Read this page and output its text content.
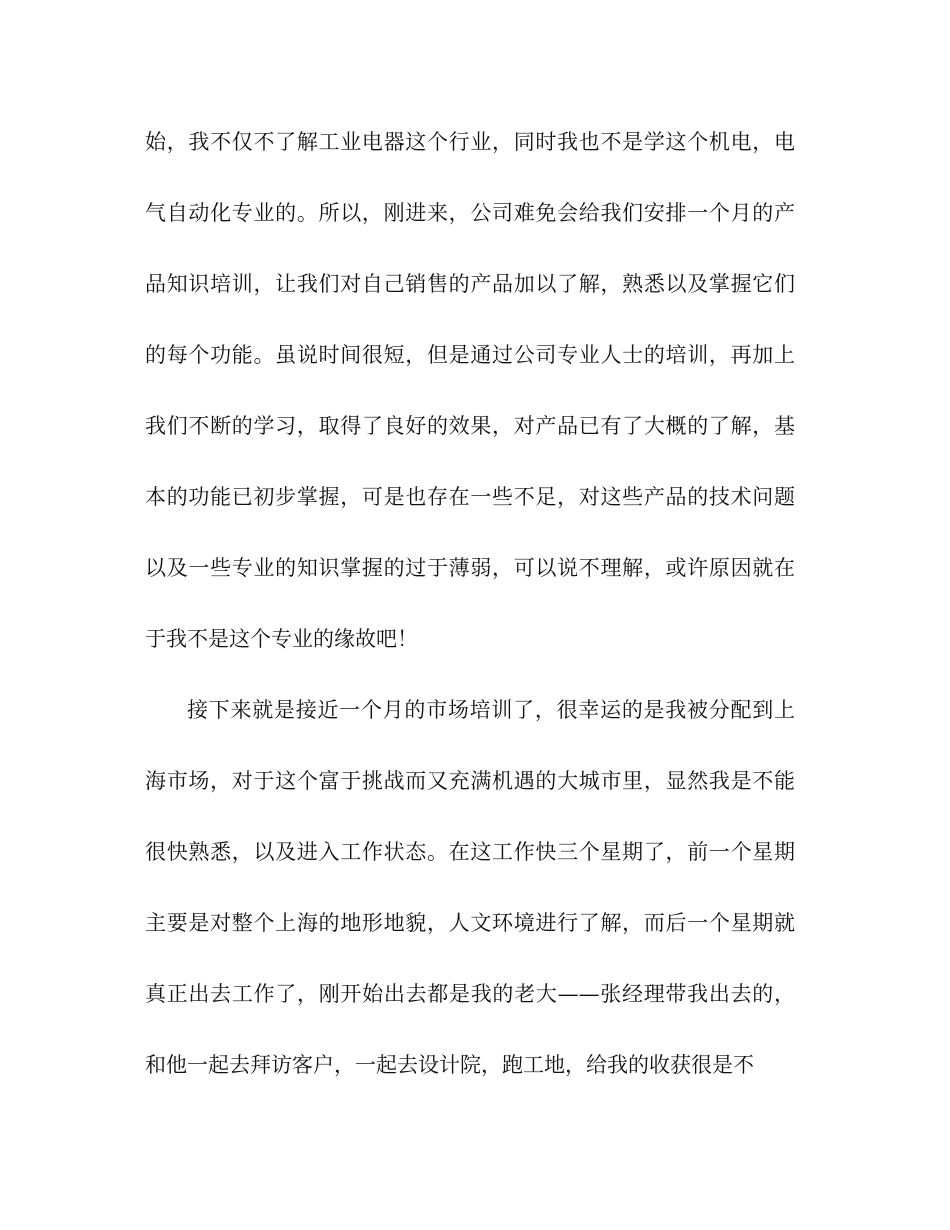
始，我不仅不了解工业电器这个行业，同时我也不是学这个机电，电
气自动化专业的。所以，刚进来，公司难免会给我们安排一个月的产
品知识培训，让我们对自己销售的产品加以了解，熟悉以及掌握它们
的每个功能。虽说时间很短，但是通过公司专业人士的培训，再加上
我们不断的学习，取得了良好的效果，对产品已有了大概的了解，基
本的功能已初步掌握，可是也存在一些不足，对这些产品的技术问题
以及一些专业的知识掌握的过于薄弱，可以说不理解，或许原因就在
于我不是这个专业的缘故吧！
接下来就是接近一个月的市场培训了，很幸运的是我被分配到上
海市场，对于这个富于挑战而又充满机遇的大城市里，显然我是不能
很快熟悉，以及进入工作状态。在这工作快三个星期了，前一个星期
主要是对整个上海的地形地貌，人文环境进行了解，而后一个星期就
真正出去工作了，刚开始出去都是我的老大——张经理带我出去的，
和他一起去拜访客户，一起去设计院，跑工地，给我的收获很是不
